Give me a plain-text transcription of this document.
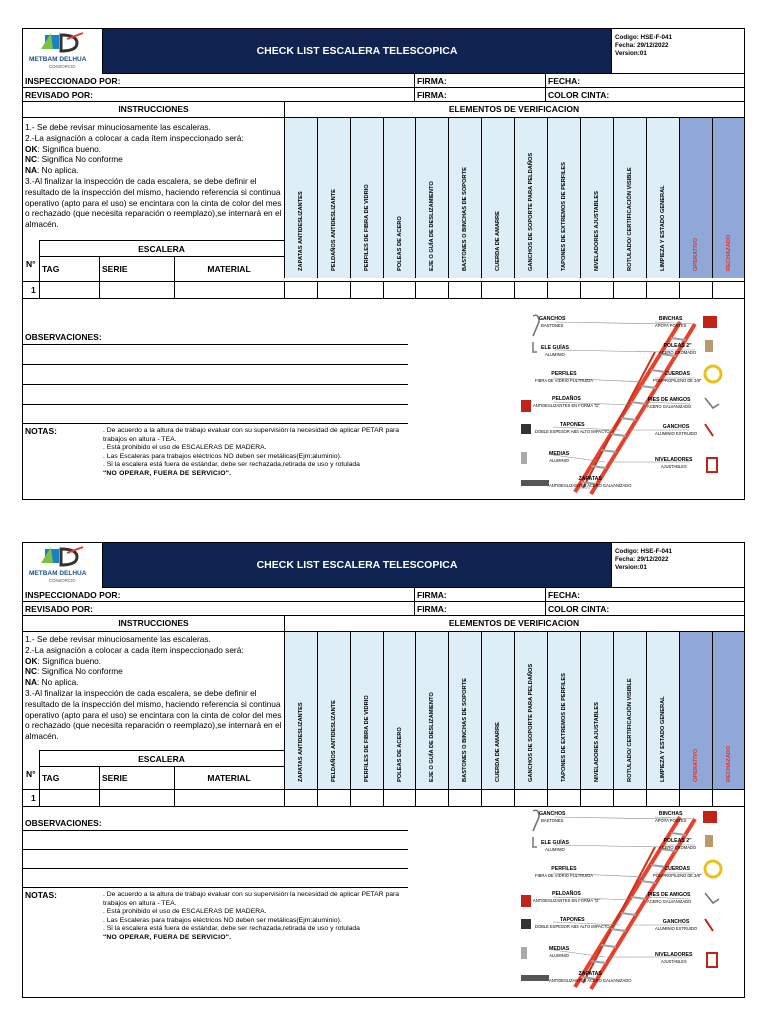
METBAM DELHUA
CONSORCIO
CHECK LIST ESCALERA TELESCOPICA
Codigo: HSE-F-041
Fecha: 29/12/2022
Version:01
INSPECCIONADO POR:	FIRMA:	FECHA:
REVISADO POR:	FIRMA:	COLOR CINTA:
INSTRUCCIONES	ELEMENTOS DE VERIFICACION
1.- Se debe revisar minuciosamente las escaleras.
2.-La asignación a colocar a cada ítem inspeccionado será:
OK: Significa bueno.
NC: Significa No conforme
NA: No aplica.
3.-Al finalizar la inspección de cada escalera, se debe definir el resultado de la inspección del mismo, haciendo referencia si continua operativo (apto para el uso) se encintara con la cinta de color del mes o rechazado (que necesita reparación o reemplazo),se internará en el almacén.
ESCALERA
N° TAG	SERIE	MATERIAL	ZAPATAS ANTIDESLIZANTES	PELDAÑOS ANTIDESLIZANTE	PERFILES DE FIBRA DE VIDRIO	POLEAS DE ACERO	EJE O GUÍA DE DESLIZAMIENTO	BASTONES O BINCHAS DE SOPORTE	CUERDA DE AMARRE	GANCHOS DE SOPORTE PARA PELDAÑOS	TAPONES DE EXTREMOS DE PERFILES	NIVELADORES AJUSTABLES	ROTULADO/ CERTIFICACIÓN VISIBLE	LIMPIEZA Y ESTADO GENERAL	OPERATIVO	RECHAZADO
1
OBSERVACIONES:
NOTAS:	. De acuerdo a la altura de trabajo evaluar con su supervisión la necesidad de aplicar PETAR para trabajos en altura - TEA.
. Está prohibido el uso de ESCALERAS DE MADERA.
. Las Escaleras para trabajos eléctricos NO deben ser metálicas(Ejm:aluminio).
. Si la escalera está fuera de estándar, debe ser rechazada,retirada de uso y rotulada
"NO OPERAR, FUERA DE SERVICIO".
GANCHOS
BASTONES
ELE GUÍAS
ALUMINIO
PERFILES
FIBRA DE VIDRIO PULTRUIDA
PELDAÑOS
ANTIDESLIZANTES EN FORMA "D"
TAPONES
DOBLE ESPESOR ABS ALTO IMPACTO
MEDIAS
ALUMINIO
ZAPATAS
ANTIDESLIZANTES ACERO GALVANIZADO
BINCHAS
APOYA POSTES
POLEAS 2"
ACERO CROMADO
CUERDAS
POLIPROPILENO DE 3/8"
PIES DE AMIGOS
ACERO GALVANIZADO
GANCHOS
ALUMINIO EXTRUIDO
NIVELADORES
AJUSTABLES
METBAM DELHUA
CONSORCIO
CHECK LIST ESCALERA TELESCOPICA
Codigo: HSE-F-041
Fecha: 29/12/2022
Version:01
INSPECCIONADO POR:	FIRMA:	FECHA:
REVISADO POR:	FIRMA:	COLOR CINTA:
INSTRUCCIONES	ELEMENTOS DE VERIFICACION
1.- Se debe revisar minuciosamente las escaleras.
2.-La asignación a colocar a cada ítem inspeccionado será:
OK: Significa bueno.
NC: Significa No conforme
NA: No aplica.
3.-Al finalizar la inspección de cada escalera, se debe definir el resultado de la inspección del mismo, haciendo referencia si continua operativo (apto para el uso) se encintara con la cinta de color del mes o rechazado (que necesita reparación o reemplazo),se internará en el almacén.
ESCALERA
N° TAG	SERIE	MATERIAL	ZAPATAS ANTIDESLIZANTES	PELDAÑOS ANTIDESLIZANTE	PERFILES DE FIBRA DE VIDRIO	POLEAS DE ACERO	EJE O GUÍA DE DESLIZAMIENTO	BASTONES O BINCHAS DE SOPORTE	CUERDA DE AMARRE	GANCHOS DE SOPORTE PARA PELDAÑOS	TAPONES DE EXTREMOS DE PERFILES	NIVELADORES AJUSTABLES	ROTULADO/ CERTIFICACIÓN VISIBLE	LIMPIEZA Y ESTADO GENERAL	OPERATIVO	RECHAZADO
1
OBSERVACIONES:
NOTAS:	. De acuerdo a la altura de trabajo evaluar con su supervisión la necesidad de aplicar PETAR para trabajos en altura - TEA.
. Está prohibido el uso de ESCALERAS DE MADERA.
. Las Escaleras para trabajos eléctricos NO deben ser metálicas(Ejm:aluminio).
. Si la escalera está fuera de estándar, debe ser rechazada,retirada de uso y rotulada
"NO OPERAR, FUERA DE SERVICIO".
GANCHOS
BASTONES
ELE GUÍAS
ALUMINIO
PERFILES
FIBRA DE VIDRIO PULTRUIDA
PELDAÑOS
ANTIDESLIZANTES EN FORMA "D"
TAPONES
DOBLE ESPESOR ABS ALTO IMPACTO
MEDIAS
ALUMINIO
ZAPATAS
ANTIDESLIZANTES ACERO GALVANIZADO
BINCHAS
APOYA POSTES
POLEAS 2"
ACERO CROMADO
CUERDAS
POLIPROPILENO DE 3/8"
PIES DE AMIGOS
ACERO GALVANIZADO
GANCHOS
ALUMINIO EXTRUIDO
NIVELADORES
AJUSTABLES
